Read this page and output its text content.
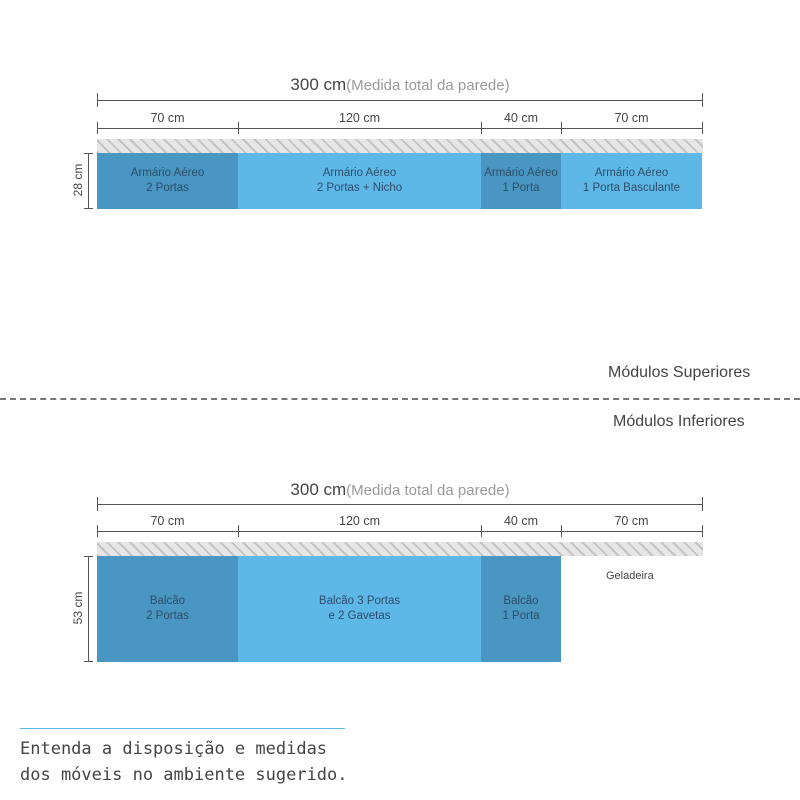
300 cm(Medida total da parede)
70 cm	120 cm	40 cm	70 cm
Armário Aéreo
2 Portas
Armário Aéreo
2 Portas + Nicho
Armário Aéreo
1 Porta
Armário Aéreo
1 Porta Basculante
28 cm
Módulos Superiores
Módulos Inferiores
300 cm(Medida total da parede)
70 cm	120 cm	40 cm	70 cm
Balcão
2 Portas
Balcão 3 Portas
e 2 Gavetas
Balcão
1 Porta
Geladeira
53 cm
Entenda a disposição e medidas
dos móveis no ambiente sugerido.
